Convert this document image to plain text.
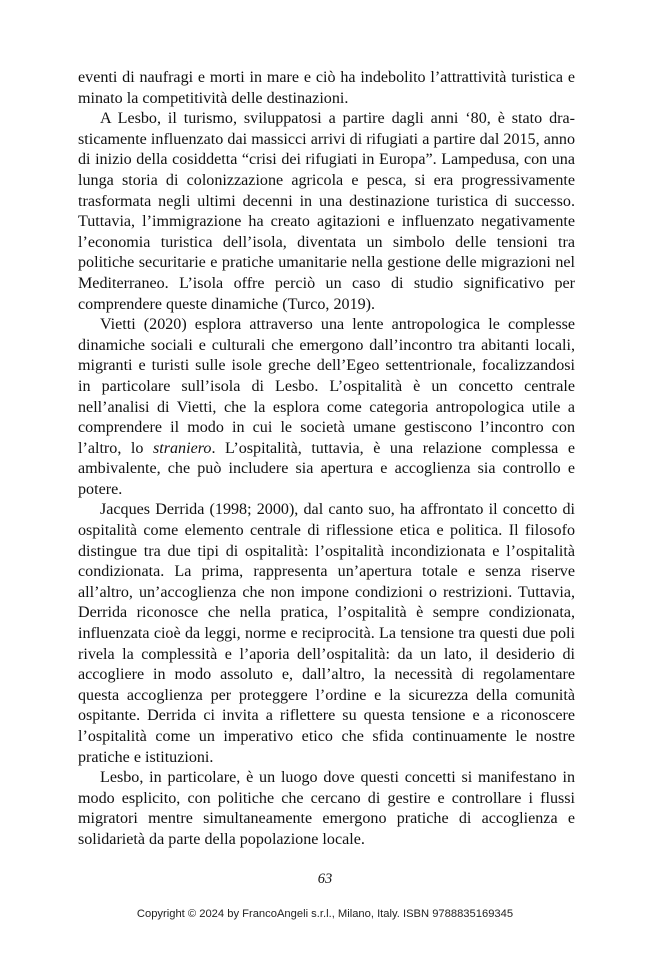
eventi di naufragi e morti in mare e ciò ha indebolito l’attrattività turistica e minato la competitività delle destinazioni.

A Lesbo, il turismo, sviluppatosi a partire dagli anni ‘80, è stato drasticamente influenzato dai massicci arrivi di rifugiati a partire dal 2015, anno di inizio della cosiddetta “crisi dei rifugiati in Europa”. Lampedusa, con una lunga storia di colonizzazione agricola e pesca, si era progressivamente trasformata negli ultimi decenni in una destinazione turistica di successo. Tuttavia, l’immigrazione ha creato agitazioni e influenzato negativamente l’economia turistica dell’isola, diventata un simbolo delle tensioni tra politiche securitarie e pratiche umanitarie nella gestione delle migrazioni nel Mediterraneo. L’isola offre perciò un caso di studio significativo per comprendere queste dinamiche (Turco, 2019).

Vietti (2020) esplora attraverso una lente antropologica le complesse dinamiche sociali e culturali che emergono dall’incontro tra abitanti locali, migranti e turisti sulle isole greche dell’Egeo settentrionale, focalizzandosi in particolare sull’isola di Lesbo. L’ospitalità è un concetto centrale nell’analisi di Vietti, che la esplora come categoria antropologica utile a comprendere il modo in cui le società umane gestiscono l’incontro con l’altro, lo straniero. L’ospitalità, tuttavia, è una relazione complessa e ambivalente, che può includere sia apertura e accoglienza sia controllo e potere.

Jacques Derrida (1998; 2000), dal canto suo, ha affrontato il concetto di ospitalità come elemento centrale di riflessione etica e politica. Il filosofo distingue tra due tipi di ospitalità: l’ospitalità incondizionata e l’ospitalità condizionata. La prima, rappresenta un’apertura totale e senza riserve all’altro, un’accoglienza che non impone condizioni o restrizioni. Tuttavia, Derrida riconosce che nella pratica, l’ospitalità è sempre condizionata, influenzata cioè da leggi, norme e reciprocità. La tensione tra questi due poli rivela la complessità e l’aporia dell’ospitalità: da un lato, il desiderio di accogliere in modo assoluto e, dall’altro, la necessità di regolamentare questa accoglienza per proteggere l’ordine e la sicurezza della comunità ospitante. Derrida ci invita a riflettere su questa tensione e a riconoscere l’ospitalità come un imperativo etico che sfida continuamente le nostre pratiche e istituzioni.

Lesbo, in particolare, è un luogo dove questi concetti si manifestano in modo esplicito, con politiche che cercano di gestire e controllare i flussi migratori mentre simultaneamente emergono pratiche di accoglienza e solidarietà da parte della popolazione locale.

63
Copyright © 2024 by FrancoAngeli s.r.l., Milano, Italy. ISBN 9788835169345
